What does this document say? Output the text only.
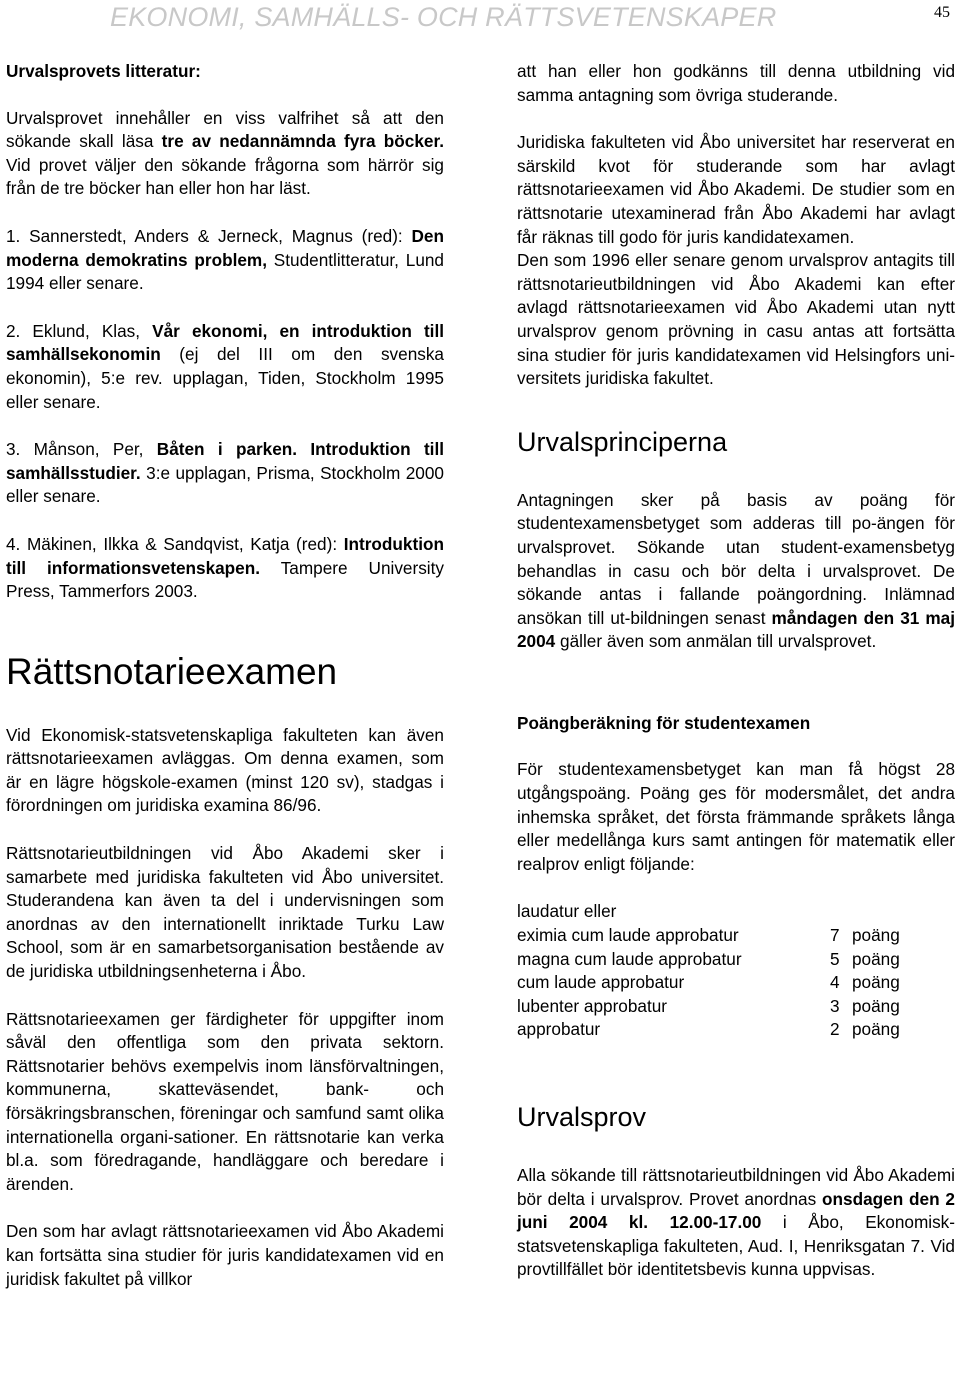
EKONOMI, SAMHÄLLS- OCH RÄTTSVETENSKAPER	45
Urvalsprovets litteratur:

Urvalsprovet innehåller en viss valfrihet så att den sökande skall läsa tre av nedannämnda fyra böcker. Vid provet väljer den sökande frågorna som härrör sig från de tre böcker han eller hon har läst.

1. Sannerstedt, Anders & Jerneck, Magnus (red): Den moderna demokratins problem, Studentlitteratur, Lund 1994 eller senare.

2. Eklund, Klas, Vår ekonomi, en introduktion till samhällsekonomin (ej del III om den svenska ekonomin), 5:e rev. upplagan, Tiden, Stockholm 1995 eller senare.

3. Månson, Per, Båten i parken. Introduktion till samhällsstudier. 3:e upplagan, Prisma, Stockholm 2000 eller senare.

4. Mäkinen, Ilkka & Sandqvist, Katja (red): Introduktion till informationsvetenskapen. Tampere University Press, Tammerfors 2003.

Rättsnotarieexamen

Vid Ekonomisk-statsvetenskapliga fakulteten kan även rättsnotarieexamen avläggas. Om denna examen, som är en lägre högskole-examen (minst 120 sv), stadgas i förordningen om juridiska examina 86/96.

Rättsnotarieutbildningen vid Åbo Akademi sker i samarbete med juridiska fakulteten vid Åbo universitet. Studerandena kan även ta del i undervisningen som anordnas av den internationellt inriktade Turku Law School, som är en samarbetsorganisation bestående av de juridiska utbildningsenheterna i Åbo.

Rättsnotarieexamen ger färdigheter för uppgifter inom såväl den offentliga som den privata sektorn. Rättsnotarier behövs exempelvis inom länsförvaltningen, kommunerna, skatteväsendet, bank- och försäkringsbranschen, föreningar och samfund samt olika internationella organi-sationer. En rättsnotarie kan verka bl.a. som föredragande, handläggare och beredare i ärenden.

Den som har avlagt rättsnotarieexamen vid Åbo Akademi kan fortsätta sina studier för juris kandidatexamen vid en juridisk fakultet på villkor

att han eller hon godkänns till denna utbildning vid samma antagning som övriga studerande.

Juridiska fakulteten vid Åbo universitet har reserverat en särskild kvot för studerande som har avlagt rättsnotarieexamen vid Åbo Akademi. De studier som en rättsnotarie utexaminerad från Åbo Akademi har avlagt får räknas till godo för juris kandidatexamen.

Den som 1996 eller senare genom urvalsprov antagits till rättsnotarieutbildningen vid Åbo Akademi kan efter avlagd rättsnotarieexamen vid Åbo Akademi utan nytt urvalsprov genom prövning in casu antas att fortsätta sina studier för juris kandidatexamen vid Helsingfors uni-versitets juridiska fakultet.

Urvalsprinciperna

Antagningen sker på basis av poäng för studentexamensbetyget som adderas till po-ängen för urvalsprovet. Sökande utan student-examensbetyg behandlas in casu och bör delta i urvalsprovet. De sökande antas i fallande poängordning. Inlämnad ansökan till ut-bildningen senast måndagen den 31 maj 2004 gäller även som anmälan till urvalsprovet.

Poängberäkning för studentexamen

För studentexamensbetyget kan man få högst 28 utgångspoäng. Poäng ges för modersmålet, det andra inhemska språket, det första främmande språkets långa eller medellånga kurs samt antingen för matematik eller realprov enligt följande:

laudatur eller
eximia cum laude approbatur	7 poäng
magna cum laude approbatur	5 poäng
cum laude approbatur	4 poäng
lubenter approbatur	3 poäng
approbatur	2 poäng
Urvalsprov

Alla sökande till rättsnotarieutbildningen vid Åbo Akademi bör delta i urvalsprov. Provet anordnas onsdagen den 2 juni 2004 kl. 12.00-17.00 i Åbo, Ekonomisk-statsvetenskapliga fakulteten, Aud. I, Henriksgatan 7. Vid provtillfället bör identitetsbevis kunna uppvisas.
